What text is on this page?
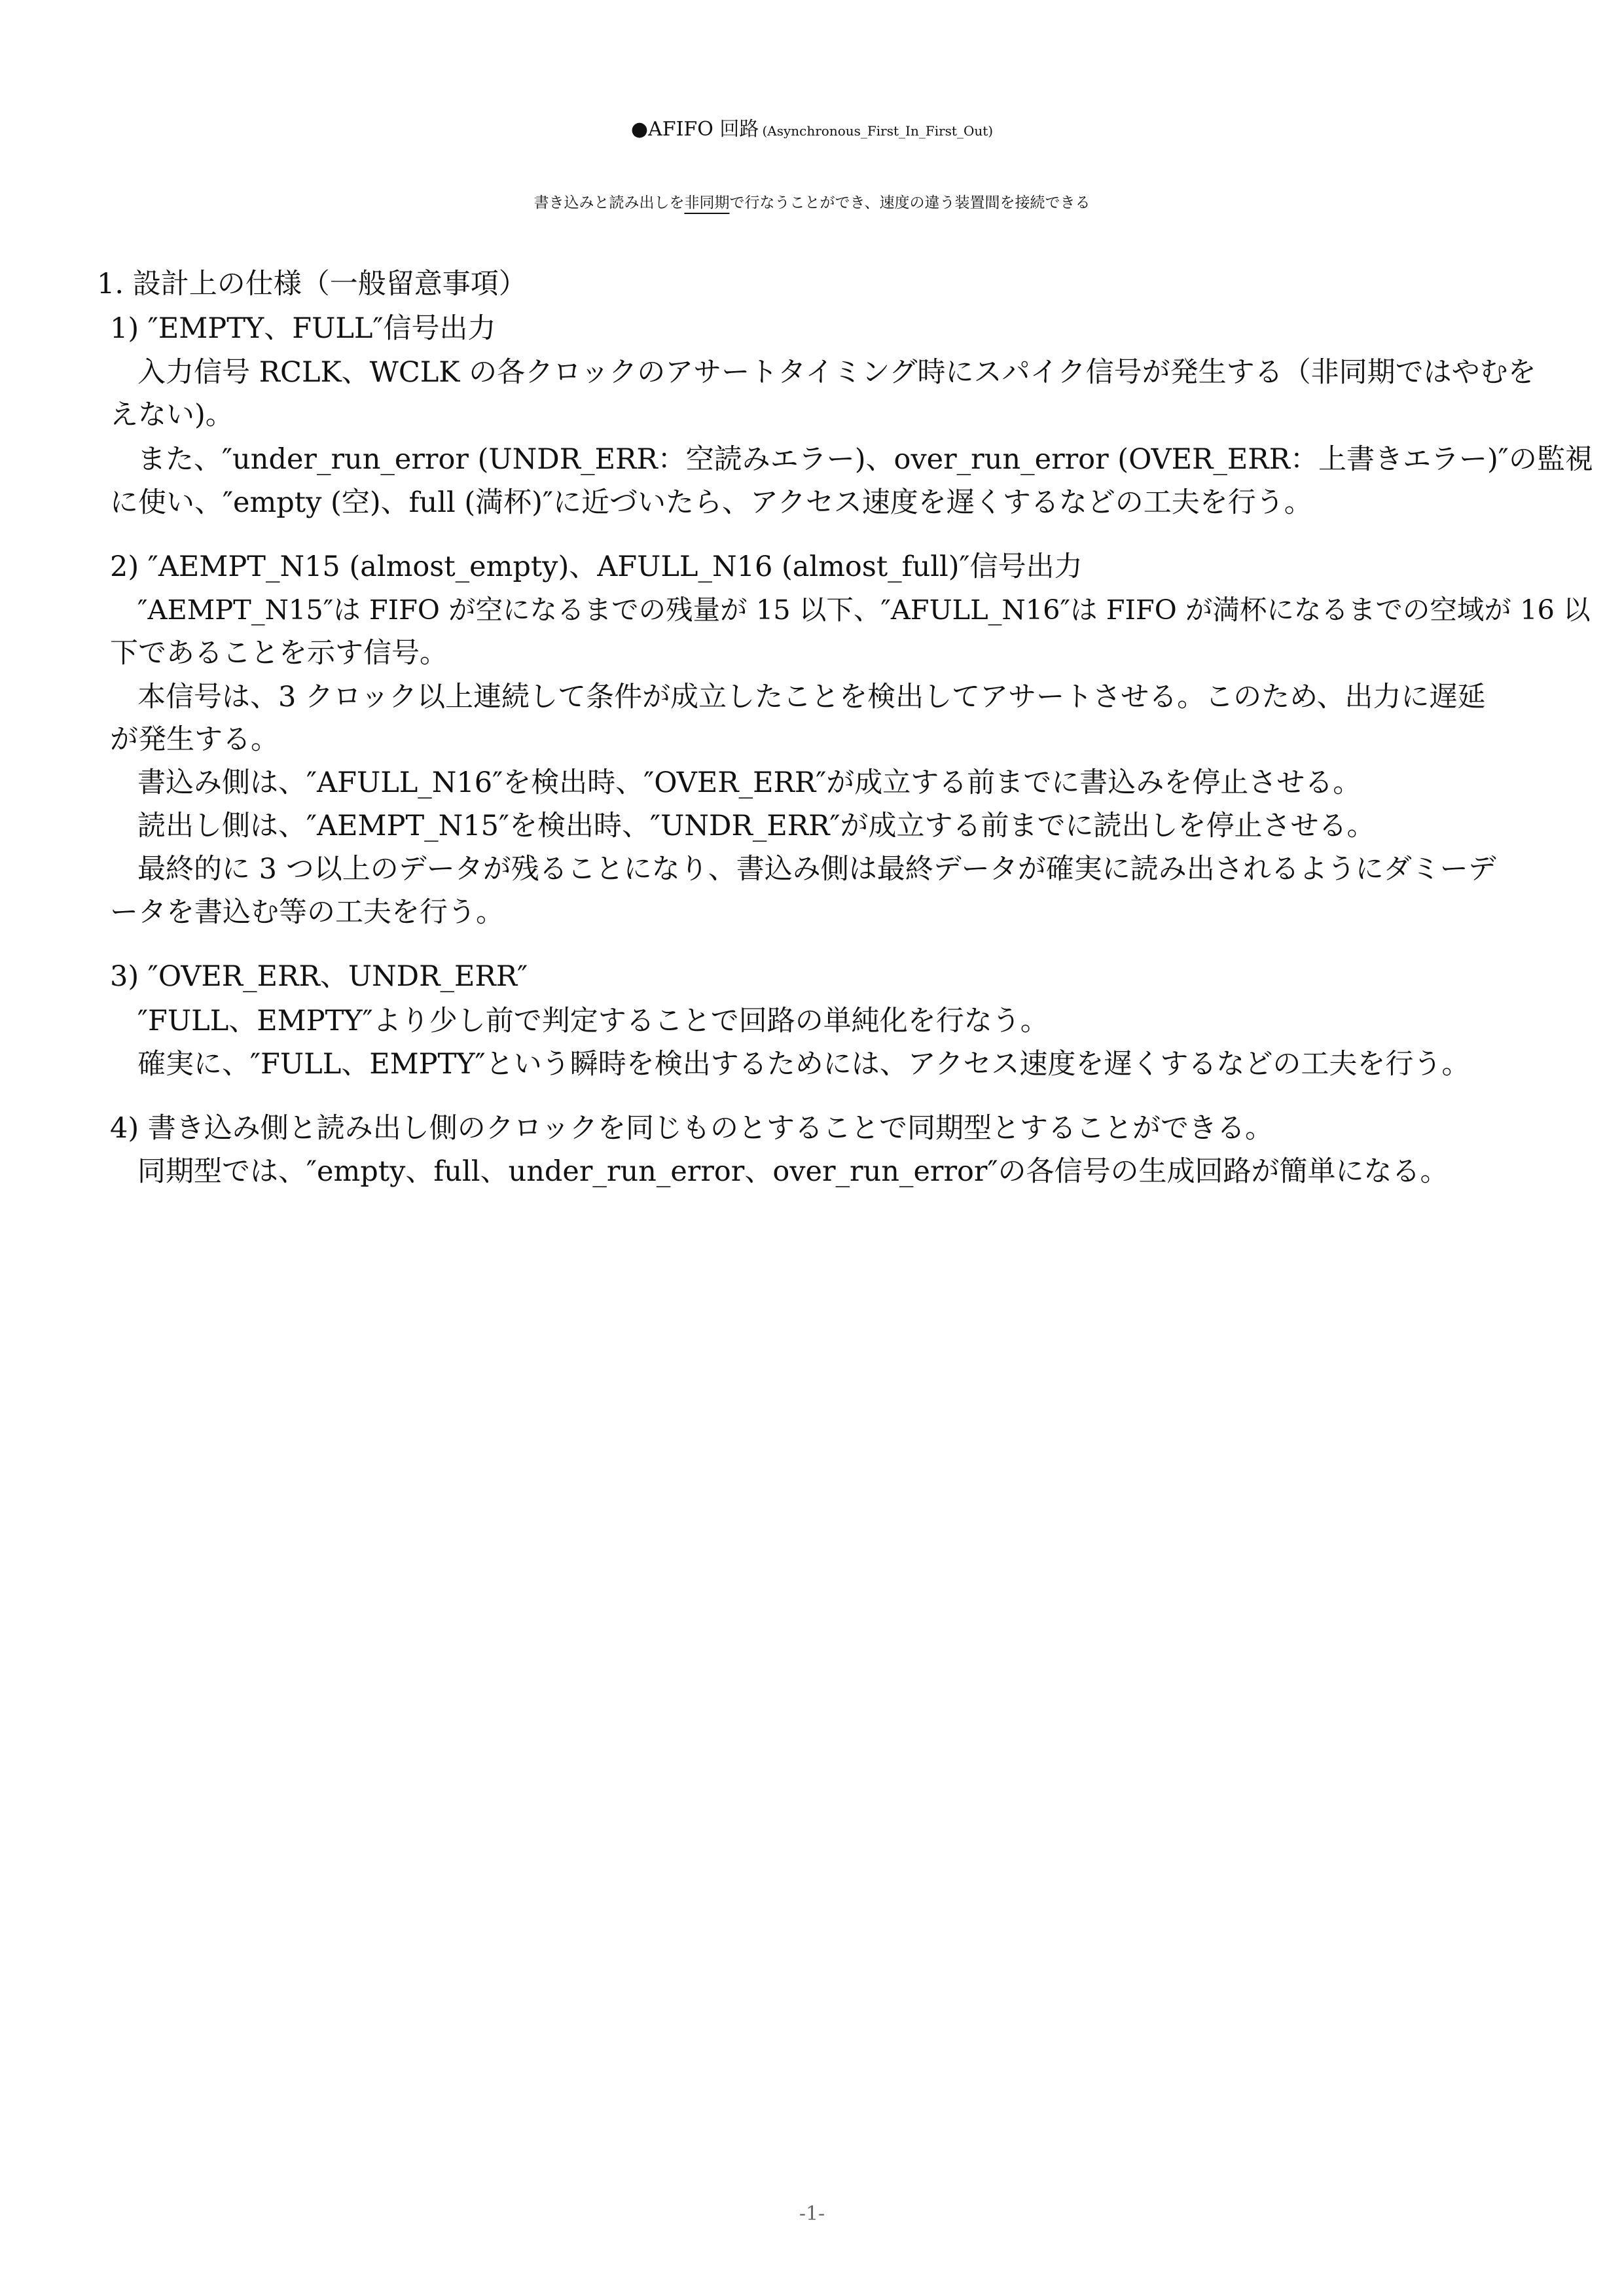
●AFIFO 回路 (Asynchronous_First_In_First_Out)
書き込みと読み出しを非同期で行なうことができ、速度の違う装置間を接続できる
1. 設計上の仕様（一般留意事項）
1) ″EMPTY、FULL″信号出力
入力信号 RCLK、WCLK の各クロックのアサートタイミング時にスパイク信号が発生する（非同期ではやむを
えない)。
また、″under_run_error (UNDR_ERR：空読みエラー)、over_run_error (OVER_ERR：上書きエラー)″の監視
に使い、″empty (空)、full (満杯)″に近づいたら、アクセス速度を遅くするなどの工夫を行う。
2) ″AEMPT_N15 (almost_empty)、AFULL_N16 (almost_full)″信号出力
″AEMPT_N15″は FIFO が空になるまでの残量が 15 以下、″AFULL_N16″は FIFO が満杯になるまでの空域が 16 以
下であることを示す信号。
本信号は、3 クロック以上連続して条件が成立したことを検出してアサートさせる。このため、出力に遅延
が発生する。
書込み側は、″AFULL_N16″を検出時、″OVER_ERR″が成立する前までに書込みを停止させる。
読出し側は、″AEMPT_N15″を検出時、″UNDR_ERR″が成立する前までに読出しを停止させる。
最終的に 3 つ以上のデータが残ることになり、書込み側は最終データが確実に読み出されるようにダミーデ
ータを書込む等の工夫を行う。
3) ″OVER_ERR、UNDR_ERR″
″FULL、EMPTY″より少し前で判定することで回路の単純化を行なう。
確実に、″FULL、EMPTY″という瞬時を検出するためには、アクセス速度を遅くするなどの工夫を行う。
4) 書き込み側と読み出し側のクロックを同じものとすることで同期型とすることができる。
同期型では、″empty、full、under_run_error、over_run_error″の各信号の生成回路が簡単になる。
-1-
